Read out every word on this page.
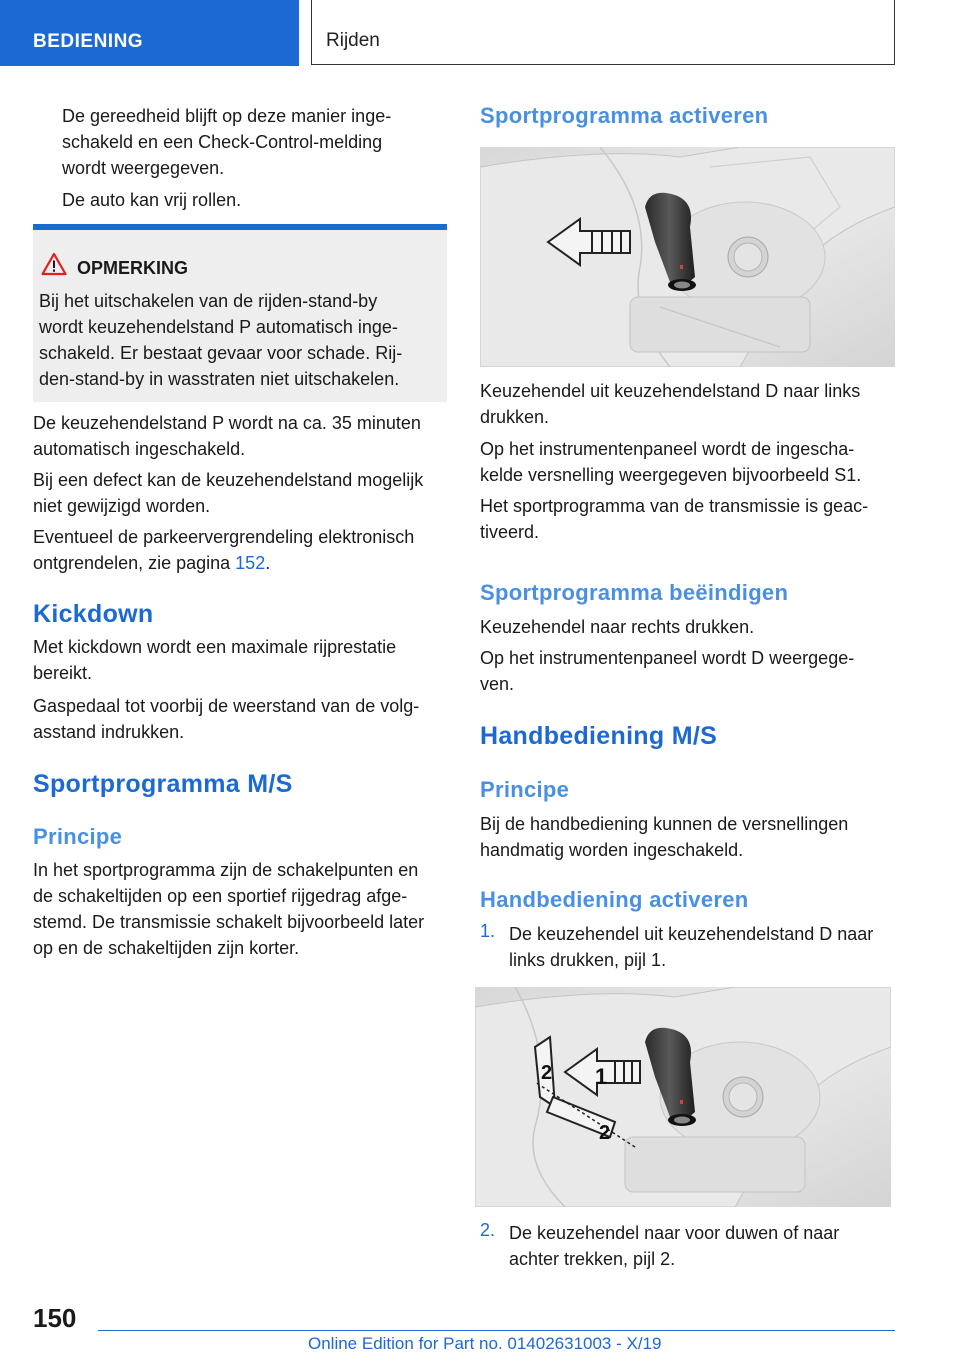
BEDIENING	Rijden

De gereedheid blijft op deze manier inge-
schakeld en een Check-Control-melding
wordt weergegeven.

De auto kan vrij rollen.

OPMERKING

Bij het uitschakelen van de rijden-stand-by
wordt keuzehendelstand P automatisch inge-
schakeld. Er bestaat gevaar voor schade. Rij-
den-stand-by in wasstraten niet uitschakelen.

De keuzehendelstand P wordt na ca. 35 minuten
automatisch ingeschakeld.

Bij een defect kan de keuzehendelstand mogelijk
niet gewijzigd worden.

Eventueel de parkeervergrendeling elektronisch
ontgrendelen, zie pagina 152.

Kickdown

Met kickdown wordt een maximale rijprestatie
bereikt.

Gaspedaal tot voorbij de weerstand van de volg-
asstand indrukken.

Sportprogramma M/S
Principe

In het sportprogramma zijn de schakelpunten en
de schakeltijden op een sportief rijgedrag afge-
stemd. De transmissie schakelt bijvoorbeeld later
op en de schakeltijden zijn korter.

Sportprogramma activeren

Keuzehendel uit keuzehendelstand D naar links
drukken.

Op het instrumentenpaneel wordt de ingescha-
kelde versnelling weergegeven bijvoorbeeld S1.

Het sportprogramma van de transmissie is geac-
tiveerd.

Sportprogramma beëindigen

Keuzehendel naar rechts drukken.

Op het instrumentenpaneel wordt D weergege-
ven.

Handbediening M/S
Principe

Bij de handbediening kunnen de versnellingen
handmatig worden ingeschakeld.

Handbediening activeren
1. De keuzehendel uit keuzehendelstand D naar
links drukken, pijl 1.

1
2
2
2. De keuzehendel naar voor duwen of naar
achter trekken, pijl 2.

150
Online Edition for Part no. 01402631003 - X/19
